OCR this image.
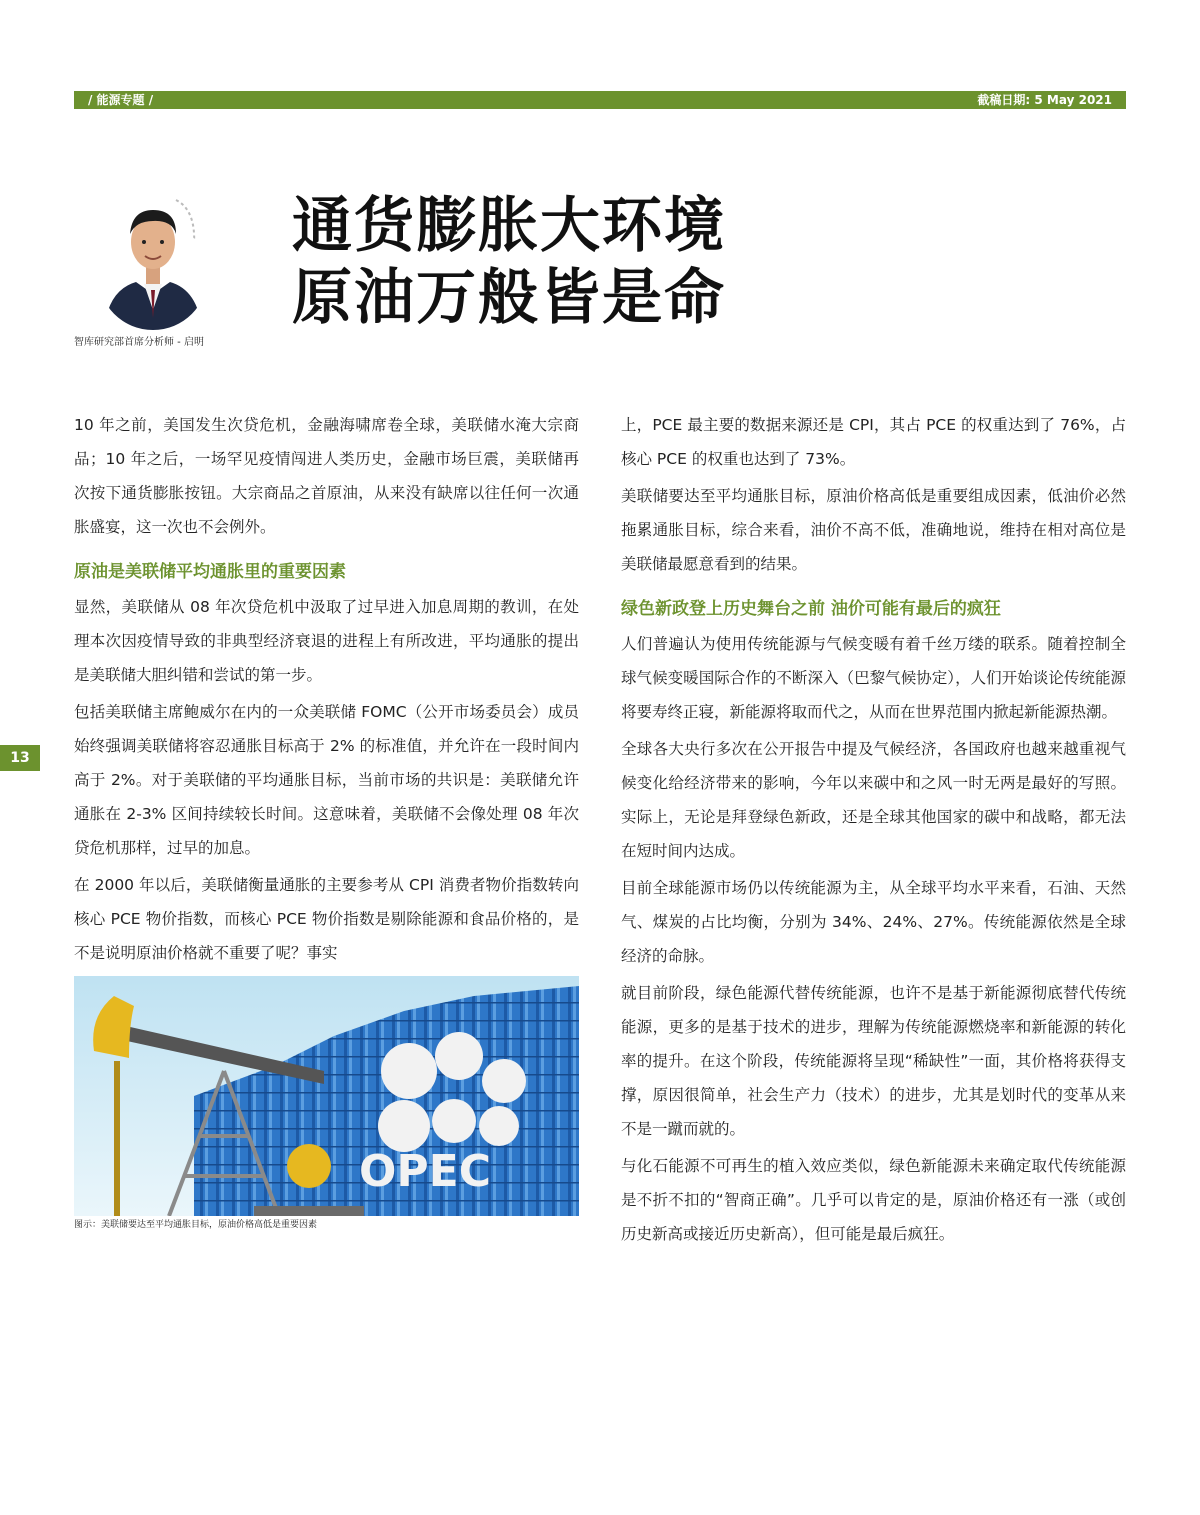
/ 能源专题 /	截稿日期: 5 May 2021
13
智库研究部首席分析师 - 启明
通货膨胀大环境
原油万般皆是命

10 年之前，美国发生次贷危机，金融海啸席卷全球，美联储水淹大宗商品；10 年之后，一场罕见疫情闯进人类历史，金融市场巨震，美联储再次按下通货膨胀按钮。大宗商品之首原油，从来没有缺席以往任何一次通胀盛宴，这一次也不会例外。

原油是美联储平均通胀里的重要因素

显然，美联储从 08 年次贷危机中汲取了过早进入加息周期的教训，在处理本次因疫情导致的非典型经济衰退的进程上有所改进，平均通胀的提出是美联储大胆纠错和尝试的第一步。

包括美联储主席鲍威尔在内的一众美联储 FOMC（公开市场委员会）成员始终强调美联储将容忍通胀目标高于 2% 的标准值，并允许在一段时间内高于 2%。对于美联储的平均通胀目标，当前市场的共识是：美联储允许通胀在 2-3% 区间持续较长时间。这意味着，美联储不会像处理 08 年次贷危机那样，过早的加息。

在 2000 年以后，美联储衡量通胀的主要参考从 CPI 消费者物价指数转向核心 PCE 物价指数，而核心 PCE 物价指数是剔除能源和食品价格的，是不是说明原油价格就不重要了呢？事实

OPEC
图示：美联储要达至平均通胀目标，原油价格高低是重要因素

上，PCE 最主要的数据来源还是 CPI，其占 PCE 的权重达到了 76%，占核心 PCE 的权重也达到了 73%。

美联储要达至平均通胀目标，原油价格高低是重要组成因素，低油价必然拖累通胀目标，综合来看，油价不高不低，准确地说，维持在相对高位是美联储最愿意看到的结果。

绿色新政登上历史舞台之前 油价可能有最后的疯狂

人们普遍认为使用传统能源与气候变暖有着千丝万缕的联系。随着控制全球气候变暖国际合作的不断深入（巴黎气候协定），人们开始谈论传统能源将要寿终正寝，新能源将取而代之，从而在世界范围内掀起新能源热潮。

全球各大央行多次在公开报告中提及气候经济，各国政府也越来越重视气候变化给经济带来的影响，今年以来碳中和之风一时无两是最好的写照。实际上，无论是拜登绿色新政，还是全球其他国家的碳中和战略，都无法在短时间内达成。

目前全球能源市场仍以传统能源为主，从全球平均水平来看，石油、天然气、煤炭的占比均衡，分别为 34%、24%、27%。传统能源依然是全球经济的命脉。

就目前阶段，绿色能源代替传统能源，也许不是基于新能源彻底替代传统能源，更多的是基于技术的进步，理解为传统能源燃烧率和新能源的转化率的提升。在这个阶段，传统能源将呈现“稀缺性”一面，其价格将获得支撑，原因很简单，社会生产力（技术）的进步，尤其是划时代的变革从来不是一蹴而就的。

与化石能源不可再生的植入效应类似，绿色新能源未来确定取代传统能源是不折不扣的“智商正确”。几乎可以肯定的是，原油价格还有一涨（或创历史新高或接近历史新高），但可能是最后疯狂。
